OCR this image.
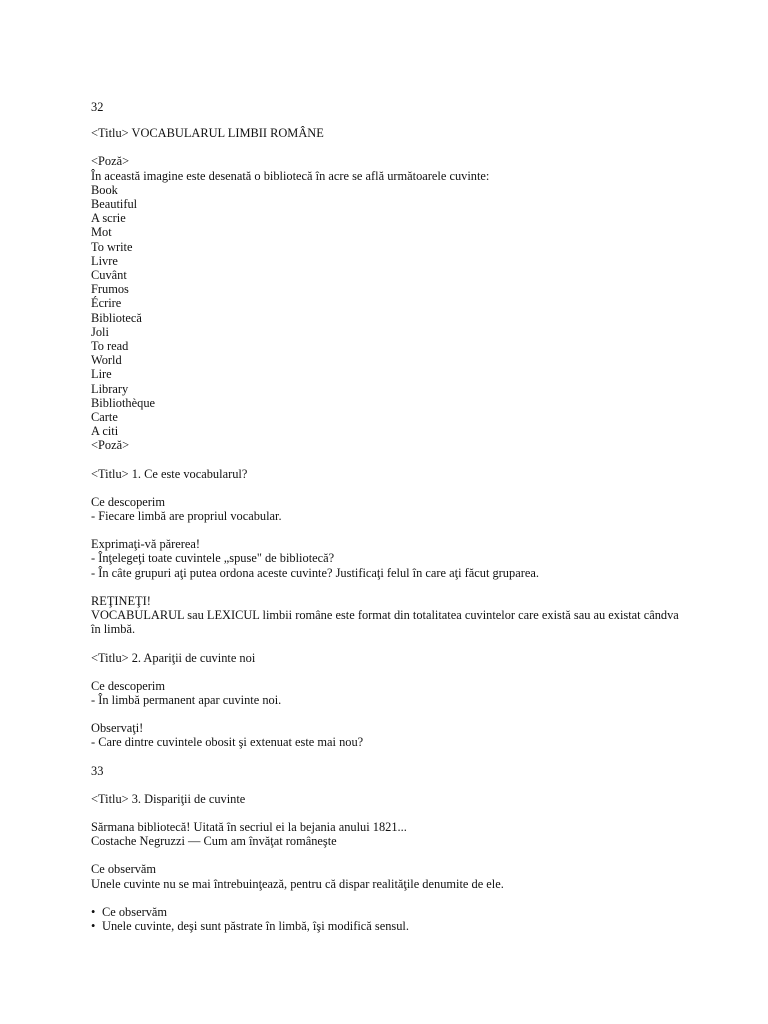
32
<Titlu> VOCABULARUL LIMBII ROMÂNE
<Poză>
În această imagine este desenată o bibliotecă în acre se află următoarele cuvinte:
Book
Beautiful
A scrie
Mot
To write
Livre
Cuvânt
Frumos
Écrire
Bibliotecă
Joli
To read
World
Lire
Library
Bibliothèque
Carte
A citi
<Poză>
<Titlu> 1. Ce este vocabularul?
Ce descoperim
- Fiecare limbă are propriul vocabular.
Exprimaţi-vă părerea!
- Înţelegeţi toate cuvintele „spuse" de bibliotecă?
- În câte grupuri aţi putea ordona aceste cuvinte? Justificaţi felul în care aţi făcut gruparea.
REŢINEŢI!
VOCABULARUL sau LEXICUL limbii române este format din totalitatea cuvintelor care există sau au existat cândva în limbă.
<Titlu> 2. Apariţii de cuvinte noi
Ce descoperim
- În limbă permanent apar cuvinte noi.
Observaţi!
- Care dintre cuvintele obosit şi extenuat este mai nou?
33
<Titlu> 3. Dispariţii de cuvinte
Sărmana bibliotecă! Uitată în secriul ei la bejania anului 1821...
Costache Negruzzi — Cum am învăţat româneşte
Ce observăm
Unele cuvinte nu se mai întrebuinţează, pentru că dispar realităţile denumite de ele.
• Ce observăm
• Unele cuvinte, deşi sunt păstrate în limbă, îşi modifică sensul.
